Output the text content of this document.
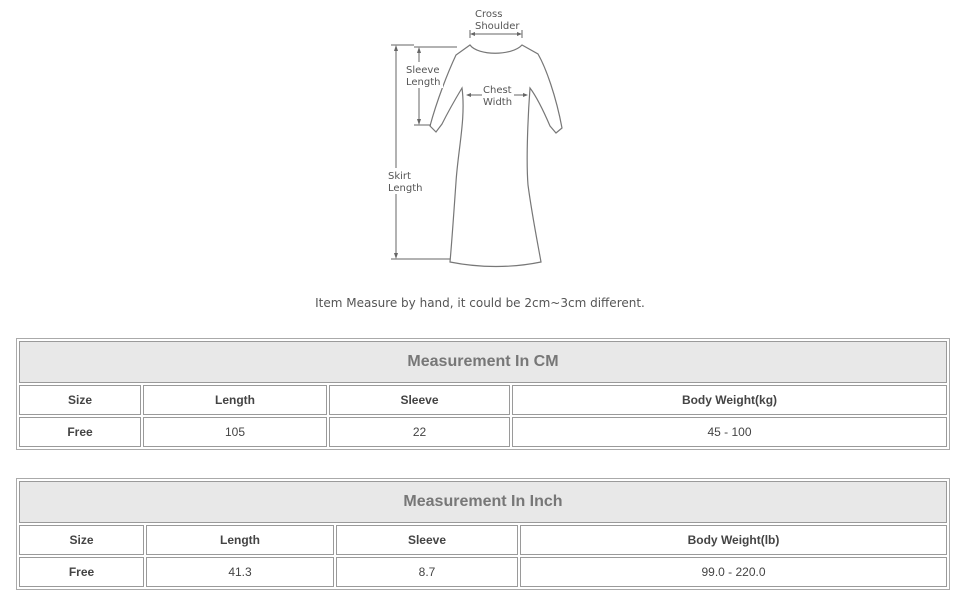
Cross
Shoulder
Chest
Width
Sleeve
Length
Skirt
Length
Item Measure by hand, it could be 2cm~3cm different.
Measurement In CM			
Size	Length	Sleeve	Body Weight(kg)
Free	105	22	45 - 100
Measurement In Inch			
Size	Length	Sleeve	Body Weight(lb)
Free	41.3	8.7	99.0 - 220.0
